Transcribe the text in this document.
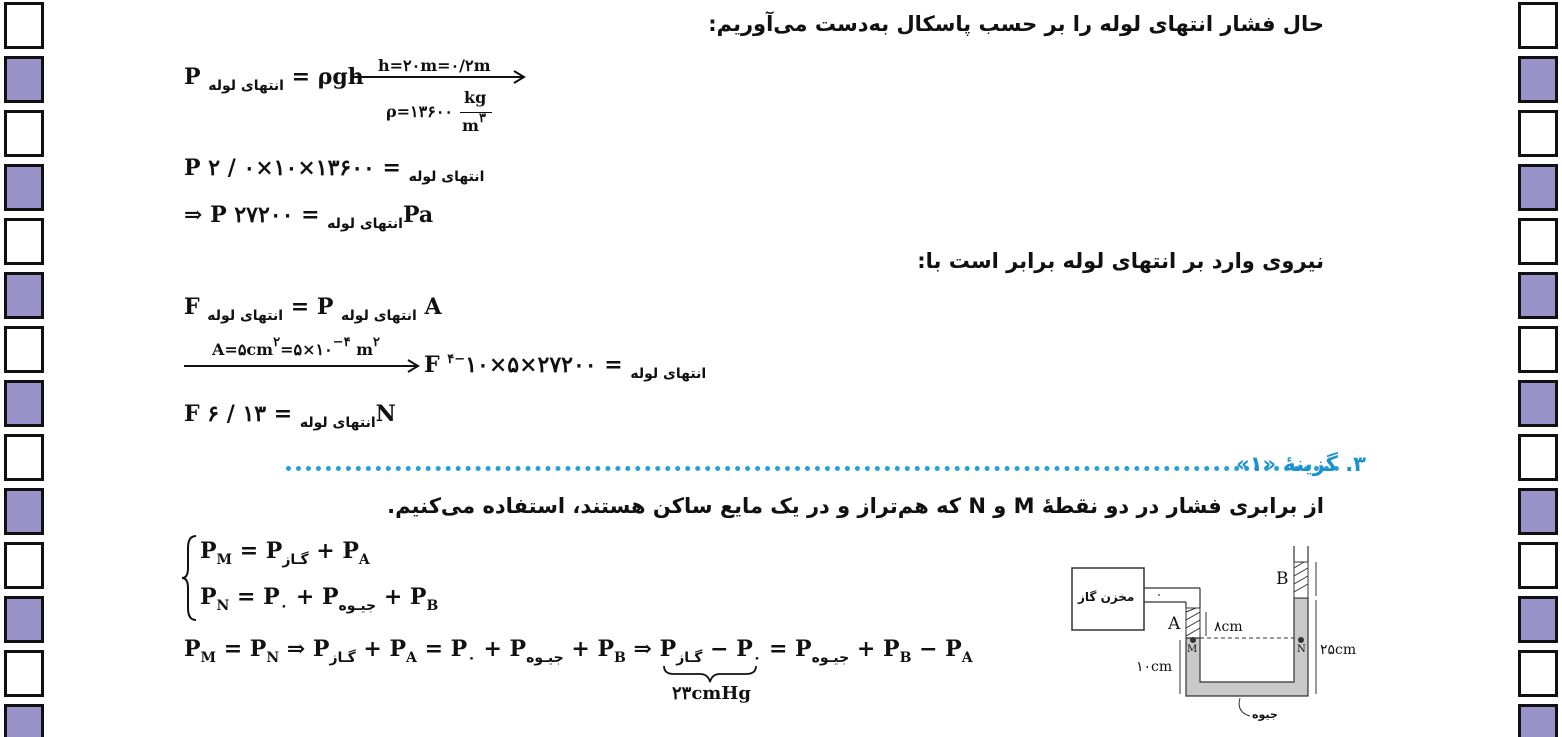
حال فشار انتهای لوله را بر حسب پاسکال به‌دست می‌آوریم:
P $_{انتهای لوله}$ = ρgh h=۲۰m=۰/۲m
ρ=۱۳۶۰۰
kg
$m^۳$
P	$_{انتهای لوله}$ = ۱۳۶۰۰×۱۰×۰ / ۲
⇒ P	$_{انتهای لوله}$ = ۲۷۲۰۰Pa
نیروی وارد بر انتهای لوله برابر است با:
F $_{انتهای لوله}$ = P $_{انتهای لوله}$ A
$A=۵cm^۲=۵\times ۱۰^{-۴}$ $m^۲$
F	$_{انتهای لوله} = ۲۷۲۰۰\times ۵\times ۱۰^{-۴}$
F	$_{انتهای لوله}$ = ۱۳ / ۶N
۳. گزینهٔ «۱»
از برابری فشار در دو نقطهٔ M و N که هم‌تراز و در یک مایع ساکن هستند، استفاده می‌کنیم.
$P_M = P_{گـاز} + P_A$
$P_N = P_۰ + P_{جیـوه} + P_B$
$P_M = P_N$ ⇒ $P_{گـاز} + P_A = P_۰ + P_{جیـوه} + P_B$ ⇒ $P_{گـاز} - P_۰ = P_{جیـوه} + P_B - P_A$
۲۳cmHg
مخزن گاز
A
B
M	N
۸cm
۲۵cm
۱۰cm
جیوه
